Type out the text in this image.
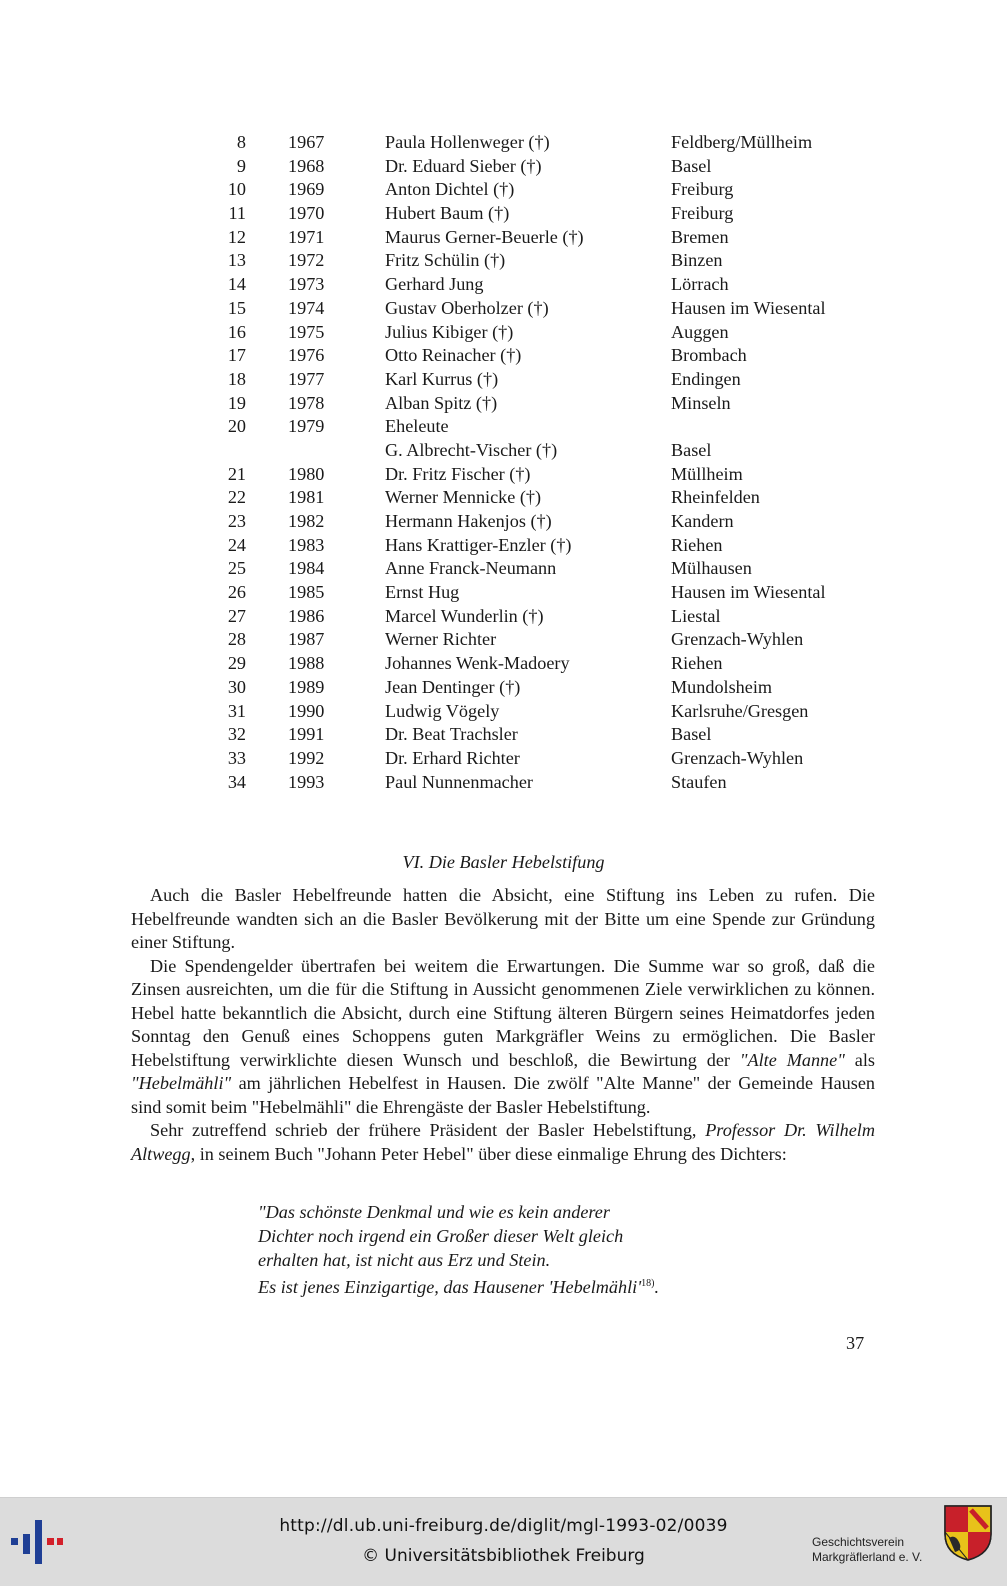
8 1967	Paula Hollenweger (†)	Feldberg/Müllheim
9 1968	Dr. Eduard Sieber (†)	Basel
10 1969	Anton Dichtel (†)	Freiburg
11 1970	Hubert Baum (†)	Freiburg
12 1971	Maurus Gerner-Beuerle (†)	Bremen
13 1972	Fritz Schülin (†)	Binzen
14 1973	Gerhard Jung	Lörrach
15 1974	Gustav Oberholzer (†)	Hausen im Wiesental
16 1975	Julius Kibiger (†)	Auggen
17 1976	Otto Reinacher (†)	Brombach
18 1977	Karl Kurrus (†)	Endingen
19 1978	Alban Spitz (†)	Minseln
20 1979	Eheleute
G. Albrecht-Vischer (†)	Basel
21 1980	Dr. Fritz Fischer (†)	Müllheim
22 1981	Werner Mennicke (†)	Rheinfelden
23 1982	Hermann Hakenjos (†)	Kandern
24 1983	Hans Krattiger-Enzler (†)	Riehen
25 1984	Anne Franck-Neumann	Mülhausen
26 1985	Ernst Hug	Hausen im Wiesental
27 1986	Marcel Wunderlin (†)	Liestal
28 1987	Werner Richter	Grenzach-Wyhlen
29 1988	Johannes Wenk-Madoery	Riehen
30 1989	Jean Dentinger (†)	Mundolsheim
31 1990	Ludwig Vögely	Karlsruhe/Gresgen
32 1991	Dr. Beat Trachsler	Basel
33 1992	Dr. Erhard Richter	Grenzach-Wyhlen
34 1993	Paul Nunnenmacher	Staufen
VI. Die Basler Hebelstifung

Auch die Basler Hebelfreunde hatten die Absicht, eine Stiftung ins Leben zu rufen. Die Hebelfreunde wandten sich an die Basler Bevölkerung mit der Bitte um eine Spende zur Gründung einer Stiftung.

Die Spendengelder übertrafen bei weitem die Erwartungen. Die Summe war so groß, daß die Zinsen ausreichten, um die für die Stiftung in Aussicht genommenen Ziele verwirklichen zu können. Hebel hatte bekanntlich die Absicht, durch eine Stiftung älteren Bürgern seines Heimatdorfes jeden Sonntag den Genuß eines Schoppens guten Markgräfler Weins zu ermöglichen. Die Basler Hebelstiftung verwirklichte diesen Wunsch und beschloß, die Bewirtung der "Alte Manne" als "Hebelmähli" am jährlichen Hebelfest in Hausen. Die zwölf "Alte Manne" der Gemeinde Hausen sind somit beim "Hebelmähli" die Ehrengäste der Basler Hebelstiftung.

Sehr zutreffend schrieb der frühere Präsident der Basler Hebelstiftung, Professor Dr. Wilhelm Altwegg, in seinem Buch "Johann Peter Hebel" über diese einmalige Ehrung des Dichters:

"Das schönste Denkmal und wie es kein anderer
Dichter noch irgend ein Großer dieser Welt gleich
erhalten hat, ist nicht aus Erz und Stein.
Es ist jenes Einzigartige, das Hausener '$Hebelmähli'^{18)}$.
37
http://dl.ub.uni-freiburg.de/diglit/mgl-1993-02/0039
© Universitätsbibliothek Freiburg
Geschichtsverein
Markgräflerland e. V.
